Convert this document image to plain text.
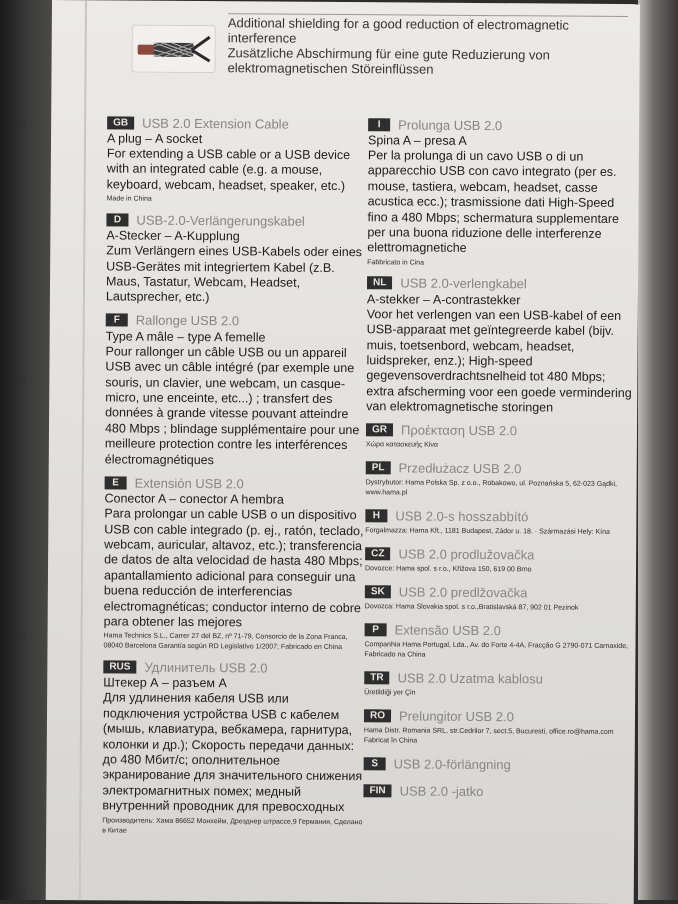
Additional shielding for a good reduction of electromagnetic interference

Zusätzliche Abschirmung für eine gute Reduzierung von elektromagnetischen Störeinflüssen

GB	USB 2.0 Extension Cable
A plug – A socket
For extending a USB cable or a USB device with an integrated cable (e.g. a mouse, keyboard, webcam, headset, speaker, etc.)
Made in China
D	USB-2.0-Verlängerungskabel
A-Stecker – A-Kupplung
Zum Verlängern eines USB-Kabels oder eines USB-Gerätes mit integriertem Kabel (z.B. Maus, Tastatur, Webcam, Headset, Lautsprecher, etc.)
F	Rallonge USB 2.0
Type A mâle – type A femelle
Pour rallonger un câble USB ou un appareil USB avec un câble intégré (par exemple une souris, un clavier, une webcam, un casque-micro, une enceinte, etc...) ; transfert des données à grande vitesse pouvant atteindre 480 Mbps ; blindage supplémentaire pour une meilleure protection contre les interférences électromagnétiques
E	Extensión USB 2.0
Conector A – conector A hembra
Para prolongar un cable USB o un dispositivo USB con cable integrado (p. ej., ratón, teclado, webcam, auricular, altavoz, etc.); transferencia de datos de alta velocidad de hasta 480 Mbps; apantallamiento adicional para conseguir una buena reducción de interferencias electromagnéticas; conductor interno de cobre para obtener las mejores
Hama Technics S.L., Carrer 27 del BZ, nº 71-79, Consorcio de la Zona Franca, 08040 Barcelona Garantía según RD Legislativo 1/2007; Fabricado en China
RUS	Удлинитель USB 2.0
Штекер А – разъем А
Для удлинения кабеля USB или подключения устройства USB с кабелем (мышь, клавиатура, вебкамера, гарнитура, колонки и др.); Скорость передачи данных: до 480 Мбит/с; ополнительное экранирование для значительного снижения электромагнитных помех; медный внутренний проводник для превосходных
Производитель: Хама 86652 Монхейм, Дрезднер штрассе,9 Германия, Сделано в Китае
I	Prolunga USB 2.0
Spina A – presa A
Per la prolunga di un cavo USB o di un apparecchio USB con cavo integrato (per es. mouse, tastiera, webcam, headset, casse acustica ecc.); trasmissione dati High-Speed fino a 480 Mbps; schermatura supplementare per una buona riduzione delle interferenze elettromagnetiche
Fabbricato in Cina
NL	USB 2.0-verlengkabel
A-stekker – A-contrastekker
Voor het verlengen van een USB-kabel of een USB-apparaat met geïntegreerde kabel (bijv. muis, toetsenbord, webcam, headset, luidspreker, enz.); High-speed gegevensoverdrachtsnelheid tot 480 Mbps; extra afscherming voor een goede vermindering van elektromagnetische storingen
GR	Προέκταση USB 2.0
Χώρα κατασκευής Κίνα
PL	Przedłużacz USB 2.0
Dystrybutor: Hama Polska Sp. z o.o., Robakowo, ul. Poznańska 5, 62-023 Gądki, www.hama.pl
H	USB 2.0-s hosszabbító
Forgalmazza: Hama Kft., 1181 Budapest, Zádor u. 18. · Származási Hely: Kína
CZ	USB 2.0 prodlužovačka
Dovozce: Hama spol. s r.o., Křižova 150, 619 00 Brno
SK	USB 2.0 predlžovačka
Dovozca: Hama Slovakia spol. s r.o.,Bratislavská 87, 902 01 Pezinok
P	Extensão USB 2.0
Companhia Hama Portugal, Lda., Av. do Forte 4-4A, Fracção G 2790-071 Carnaxide, Fabricado na China
TR	USB 2.0 Uzatma kablosu
Üretildiği yer Çin
RO	Prelungitor USB 2.0
Hama Distr. Romania SRL, str.Cedrilor 7, sect.5, Bucuresti, office.ro@hama.com Fabricat în China
S	USB 2.0-förlängning
FIN	USB 2.0 -jatko
